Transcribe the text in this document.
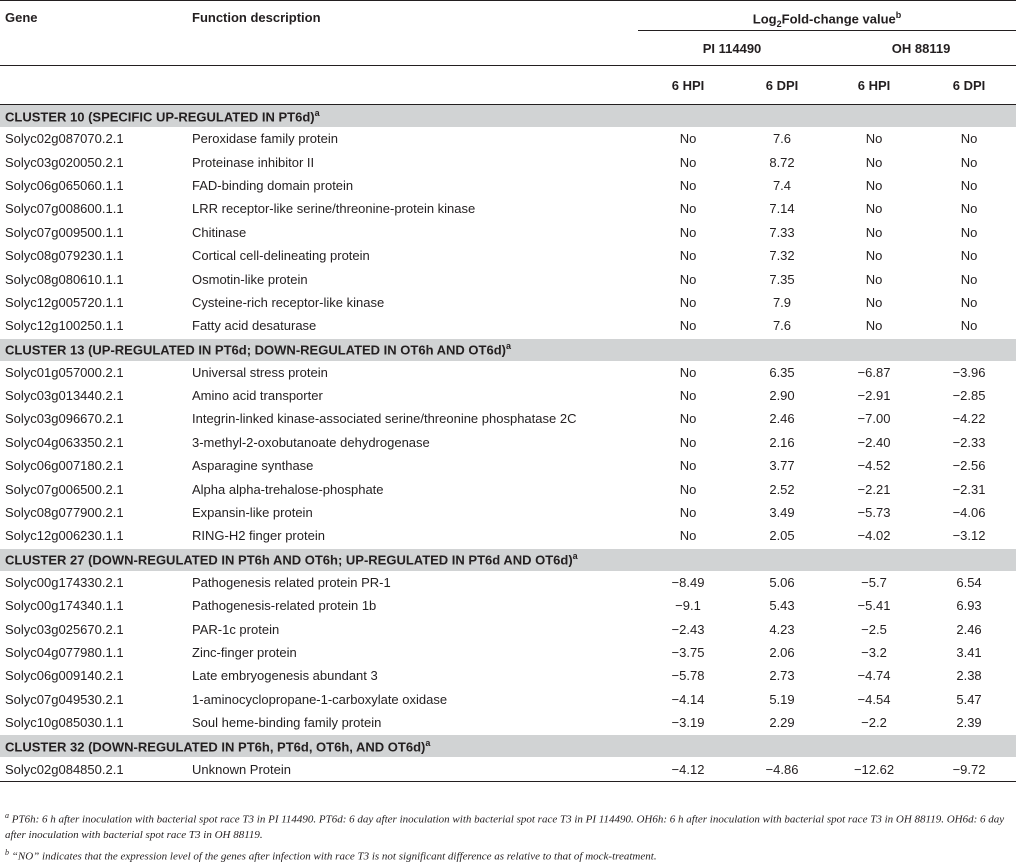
Gene	Function description	Log$_2$Fold-change value$^b$
		PI 114490		OH 88119	
		6 HPI	6 DPI	6 HPI	6 DPI
CLUSTER 10 (SPECIFIC UP-REGULATED IN PT6d)$^a$
Solyc02g087070.2.1	Peroxidase family protein	No	7.6	No	No
Solyc03g020050.2.1	Proteinase inhibitor II	No	8.72	No	No
Solyc06g065060.1.1	FAD-binding domain protein	No	7.4	No	No
Solyc07g008600.1.1	LRR receptor-like serine/threonine-protein kinase	No	7.14	No	No
Solyc07g009500.1.1	Chitinase	No	7.33	No	No
Solyc08g079230.1.1	Cortical cell-delineating protein	No	7.32	No	No
Solyc08g080610.1.1	Osmotin-like protein	No	7.35	No	No
Solyc12g005720.1.1	Cysteine-rich receptor-like kinase	No	7.9	No	No
Solyc12g100250.1.1	Fatty acid desaturase	No	7.6	No	No
CLUSTER 13 (UP-REGULATED IN PT6d; DOWN-REGULATED IN OT6h AND OT6d)$^a$
Solyc01g057000.2.1	Universal stress protein	No	6.35	−6.87	−3.96
Solyc03g013440.2.1	Amino acid transporter	No	2.90	−2.91	−2.85
Solyc03g096670.2.1	Integrin-linked kinase-associated serine/threonine phosphatase 2C	No	2.46	−7.00	−4.22
Solyc04g063350.2.1	3-methyl-2-oxobutanoate dehydrogenase	No	2.16	−2.40	−2.33
Solyc06g007180.2.1	Asparagine synthase	No	3.77	−4.52	−2.56
Solyc07g006500.2.1	Alpha alpha-trehalose-phosphate	No	2.52	−2.21	−2.31
Solyc08g077900.2.1	Expansin-like protein	No	3.49	−5.73	−4.06
Solyc12g006230.1.1	RING-H2 finger protein	No	2.05	−4.02	−3.12
CLUSTER 27 (DOWN-REGULATED IN PT6h AND OT6h; UP-REGULATED IN PT6d AND OT6d)$^a$
Solyc00g174330.2.1	Pathogenesis related protein PR-1	−8.49	5.06	−5.7	6.54
Solyc00g174340.1.1	Pathogenesis-related protein 1b	−9.1	5.43	−5.41	6.93
Solyc03g025670.2.1	PAR-1c protein	−2.43	4.23	−2.5	2.46
Solyc04g077980.1.1	Zinc-finger protein	−3.75	2.06	−3.2	3.41
Solyc06g009140.2.1	Late embryogenesis abundant 3	−5.78	2.73	−4.74	2.38
Solyc07g049530.2.1	1-aminocyclopropane-1-carboxylate oxidase	−4.14	5.19	−4.54	5.47
Solyc10g085030.1.1	Soul heme-binding family protein	−3.19	2.29	−2.2	2.39
CLUSTER 32 (DOWN-REGULATED IN PT6h, PT6d, OT6h, AND OT6d)$^a$
Solyc02g084850.2.1	Unknown Protein	−4.12	−4.86	−12.62	−9.72

$^a$ PT6h: 6 h after inoculation with bacterial spot race T3 in PI 114490. PT6d: 6 day after inoculation with bacterial spot race T3 in PI 114490. OH6h: 6 h after inoculation with bacterial spot race T3 in OH 88119. OH6d: 6 day after inoculation with bacterial spot race T3 in OH 88119.

$^b$ “NO” indicates that the expression level of the genes after infection with race T3 is not significant difference as relative to that of mock-treatment.
